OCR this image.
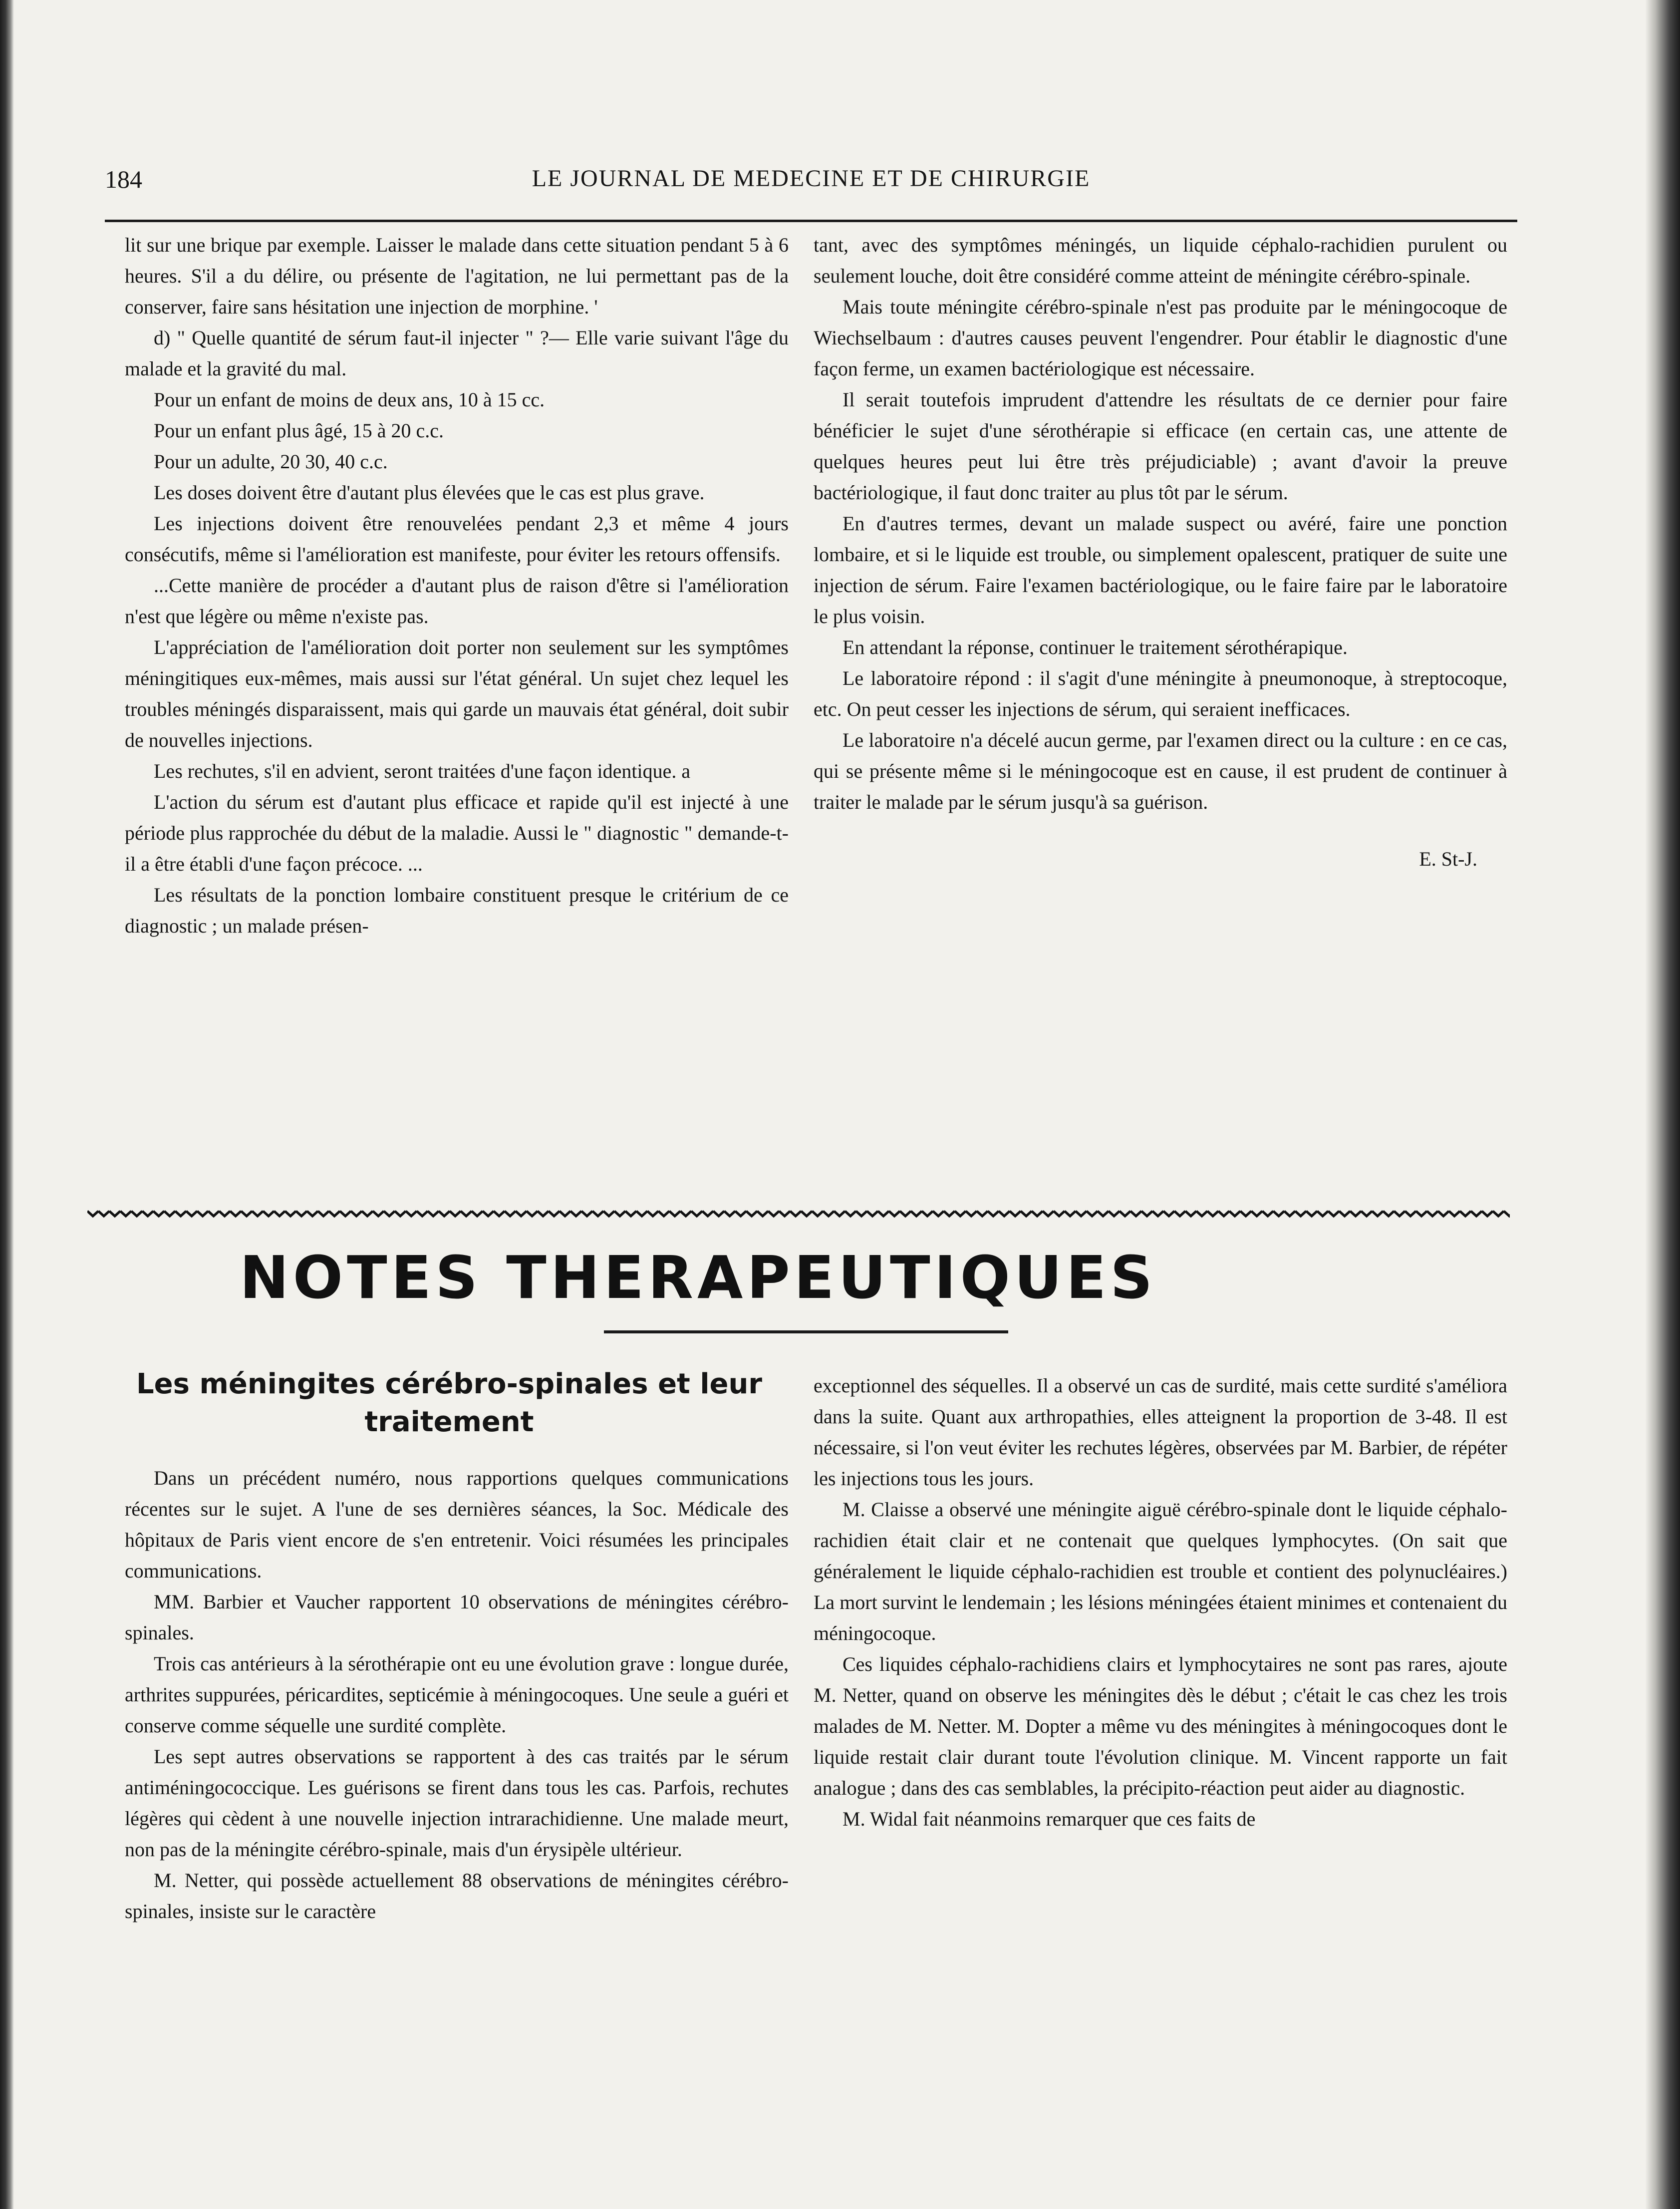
184	LE JOURNAL DE MEDECINE ET DE CHIRURGIE

lit sur une brique par exemple. Laisser le malade dans cette situation pendant 5 à 6 heures. S'il a du délire, ou présente de l'agitation, ne lui permettant pas de la conserver, faire sans hésitation une injection de morphine. '

d) " Quelle quantité de sérum faut-il injecter " ?— Elle varie suivant l'âge du malade et la gravité du mal.

Pour un enfant de moins de deux ans, 10 à 15 cc.

Pour un enfant plus âgé, 15 à 20 c.c.

Pour un adulte, 20 30, 40 c.c.

Les doses doivent être d'autant plus élevées que le cas est plus grave.

Les injections doivent être renouvelées pendant 2,3 et même 4 jours consécutifs, même si l'amélioration est manifeste, pour éviter les retours offensifs.

...Cette manière de procéder a d'autant plus de raison d'être si l'amélioration n'est que légère ou même n'existe pas.

L'appréciation de l'amélioration doit porter non seulement sur les symptômes méningitiques eux-mêmes, mais aussi sur l'état général. Un sujet chez lequel les troubles méningés disparaissent, mais qui garde un mauvais état général, doit subir de nouvelles injections.

Les rechutes, s'il en advient, seront traitées d'une façon identique. a

L'action du sérum est d'autant plus efficace et rapide qu'il est injecté à une période plus rapprochée du début de la maladie. Aussi le " diagnostic " demande-t-il a être établi d'une façon précoce. ...

Les résultats de la ponction lombaire constituent presque le critérium de ce diagnostic ; un malade présen-

tant, avec des symptômes méningés, un liquide céphalo-rachidien purulent ou seulement louche, doit être considéré comme atteint de méningite cérébro-spinale.

Mais toute méningite cérébro-spinale n'est pas produite par le méningocoque de Wiechselbaum : d'autres causes peuvent l'engendrer. Pour établir le diagnostic d'une façon ferme, un examen bactériologique est nécessaire.

Il serait toutefois imprudent d'attendre les résultats de ce dernier pour faire bénéficier le sujet d'une sérothérapie si efficace (en certain cas, une attente de quelques heures peut lui être très préjudiciable) ; avant d'avoir la preuve bactériologique, il faut donc traiter au plus tôt par le sérum.

En d'autres termes, devant un malade suspect ou avéré, faire une ponction lombaire, et si le liquide est trouble, ou simplement opalescent, pratiquer de suite une injection de sérum. Faire l'examen bactériologique, ou le faire faire par le laboratoire le plus voisin.

En attendant la réponse, continuer le traitement sérothérapique.

Le laboratoire répond : il s'agit d'une méningite à pneumonoque, à streptocoque, etc. On peut cesser les injections de sérum, qui seraient inefficaces.

Le laboratoire n'a décelé aucun germe, par l'examen direct ou la culture : en ce cas, qui se présente même si le méningocoque est en cause, il est prudent de continuer à traiter le malade par le sérum jusqu'à sa guérison.

E. St-J.

NOTES THERAPEUTIQUES
Les méningites cérébro-spinales et leur traitement

Dans un précédent numéro, nous rapportions quelques communications récentes sur le sujet. A l'une de ses dernières séances, la Soc. Médicale des hôpitaux de Paris vient encore de s'en entretenir. Voici résumées les principales communications.

MM. Barbier et Vaucher rapportent 10 observations de méningites cérébro-spinales.

Trois cas antérieurs à la sérothérapie ont eu une évolution grave : longue durée, arthrites suppurées, péricardites, septicémie à méningocoques. Une seule a guéri et conserve comme séquelle une surdité complète.

Les sept autres observations se rapportent à des cas traités par le sérum antiméningococcique. Les guérisons se firent dans tous les cas. Parfois, rechutes légères qui cèdent à une nouvelle injection intrarachidienne. Une malade meurt, non pas de la méningite cérébro-spinale, mais d'un érysipèle ultérieur.

M. Netter, qui possède actuellement 88 observations de méningites cérébro-spinales, insiste sur le caractère

exceptionnel des séquelles. Il a observé un cas de surdité, mais cette surdité s'améliora dans la suite. Quant aux arthropathies, elles atteignent la proportion de 3-48. Il est nécessaire, si l'on veut éviter les rechutes légères, observées par M. Barbier, de répéter les injections tous les jours.

M. Claisse a observé une méningite aiguë cérébro-spinale dont le liquide céphalo-rachidien était clair et ne contenait que quelques lymphocytes. (On sait que généralement le liquide céphalo-rachidien est trouble et contient des polynucléaires.) La mort survint le lendemain ; les lésions méningées étaient minimes et contenaient du méningocoque.

Ces liquides céphalo-rachidiens clairs et lymphocytaires ne sont pas rares, ajoute M. Netter, quand on observe les méningites dès le début ; c'était le cas chez les trois malades de M. Netter. M. Dopter a même vu des méningites à méningocoques dont le liquide restait clair durant toute l'évolution clinique. M. Vincent rapporte un fait analogue ; dans des cas semblables, la précipito-réaction peut aider au diagnostic.

M. Widal fait néanmoins remarquer que ces faits de
